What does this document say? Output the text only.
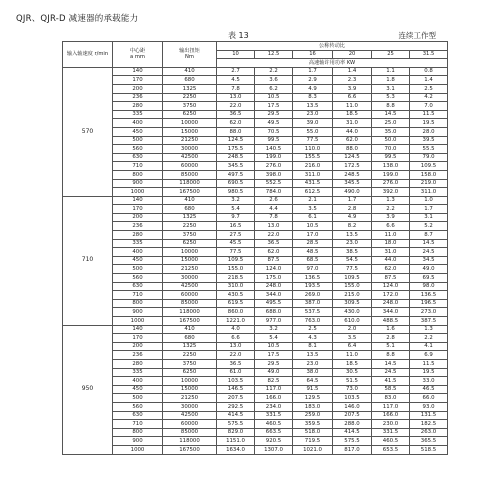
QJR、QJR-D 减速器的承载能力
表 13	连续工作型
输入轴速度 r/min	中心距
a mm	输出扭矩
Nm	公称传动比					
			10	12.5	16	20	25	31.5
			高速轴许用功率 KW					
570	140	410	2.7	2.2	1.7	1.4	1.1	0.8
	170	680	4.5	3.6	2.9	2.3	1.8	1.4
	200	1325	7.8	6.2	4.9	3.9	3.1	2.5
	236	2250	13.0	10.5	8.3	6.6	5.3	4.2
	280	3750	22.0	17.5	13.5	11.0	8.8	7.0
	335	6250	36.5	29.5	23.0	18.5	14.5	11.5
	400	10000	62.0	49.5	39.0	31.0	25.0	19.5
	450	15000	88.0	70.5	55.0	44.0	35.0	28.0
	500	21250	124.5	99.5	77.5	62.0	50.0	39.5
	560	30000	175.5	140.5	110.0	88.0	70.0	55.5
	630	42500	248.5	199.0	155.5	124.5	99.5	79.0
	710	60000	345.5	276.0	216.0	172.5	138.0	109.5
	800	85000	497.5	398.0	311.0	248.5	199.0	158.0
	900	118000	690.5	552.5	431.5	345.5	276.0	219.0
	1000	167500	980.5	784.0	612.5	490.0	392.0	311.0
710	140	410	3.2	2.6	2.1	1.7	1.3	1.0
	170	680	5.4	4.4	3.5	2.8	2.2	1.7
	200	1325	9.7	7.8	6.1	4.9	3.9	3.1
	236	2250	16.5	13.0	10.5	8.2	6.6	5.2
	280	3750	27.5	22.0	17.0	13.5	11.0	8.7
	335	6250	45.5	36.5	28.5	23.0	18.0	14.5
	400	10000	77.5	62.0	48.5	38.5	31.0	24.5
	450	15000	109.5	87.5	68.5	54.5	44.0	34.5
	500	21250	155.0	124.0	97.0	77.5	62.0	49.0
	560	30000	218.5	175.0	136.5	109.5	87.5	69.5
	630	42500	310.0	248.0	193.5	155.0	124.0	98.0
	710	60000	430.5	344.0	269.0	215.0	172.0	136.5
	800	85000	619.5	495.5	387.0	309.5	248.0	196.5
	900	118000	860.0	688.0	537.5	430.0	344.0	273.0
	1000	167500	1221.0	977.0	763.0	610.0	488.5	387.5
950	140	410	4.0	3.2	2.5	2.0	1.6	1.3
	170	680	6.6	5.4	4.3	3.5	2.8	2.2
	200	1325	13.0	10.5	8.1	6.4	5.1	4.1
	236	2250	22.0	17.5	13.5	11.0	8.8	6.9
	280	3750	36.5	29.5	23.0	18.5	14.5	11.5
	335	6250	61.0	49.0	38.0	30.5	24.5	19.5
	400	10000	103.5	82.5	64.5	51.5	41.5	33.0
	450	15000	146.5	117.0	91.5	73.0	58.5	46.5
	500	21250	207.5	166.0	129.5	103.5	83.0	66.0
	560	30000	292.5	234.0	183.0	146.0	117.0	93.0
	630	42500	414.5	331.5	259.0	207.5	166.0	131.5
	710	60000	575.5	460.5	359.5	288.0	230.0	182.5
	800	85000	829.0	663.5	518.0	414.5	331.5	263.0
	900	118000	1151.0	920.5	719.5	575.5	460.5	365.5
	1000	167500	1634.0	1307.0	1021.0	817.0	653.5	518.5
